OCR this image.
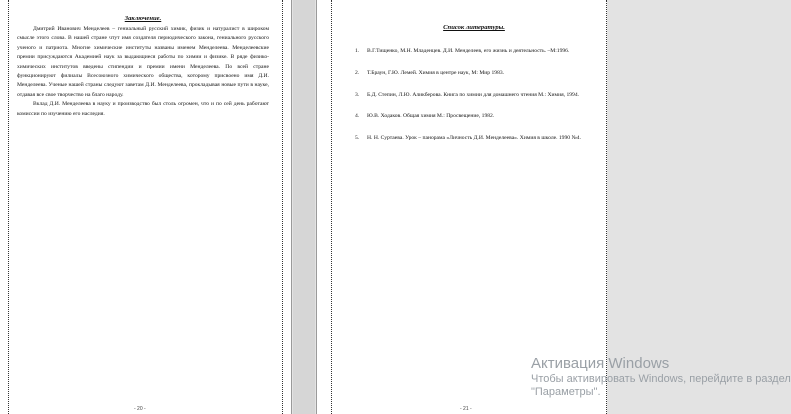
Заключение.

Дмитрий Иванович Менделеев – гениальный русский химик, физик и натуралист в широком смысле этого слова. В нашей стране чтут имя создателя периодического закона, гениального русского ученого и патриота. Многие химические институты названы именем Менделеева. Менделеевские премии присуждаются Академией наук за выдающиеся работы по химии и физике. В ряде физико-химических институтов введены стипендии и премии имени Менделеева. По всей стране функционируют филиалы Всесоюзного химического общества, которому присвоено имя Д.И. Менделеева. Ученые нашей страны следуют заветам Д.И. Менделеева, прокладывая новые пути в науке, отдавая все свое творчество на благо народу.

Вклад Д.И. Менделеева в науку и производство был столь огромен, что и по сей день работают комиссии по изучению его наследия.

- 20 -

Список литературы.

1.	В.Г.Тищенко, М.Н. Младенцев. Д.И. Менделеев, его жизнь и деятельность. –М:1996.
2.	Т.Браун, Г.Ю. Лемей. Химия в центре наук, М: Мир 1983.
3.	Б.Д. Степин, Л.Ю. Аликберова. Книга по химии для домашнего чтения М.: Химия, 1994.
4.	Ю.В. Ходаков. Общая химия М.: Просвещение, 1982.
5.	Н. Н. Суртаева. Урок – панорама «Личность Д.И. Менделеева». Химия в школе. 1990 №4.
- 21 -
Активация Windows
Чтобы активировать Windows, перейдите в раздел
"Параметры".
